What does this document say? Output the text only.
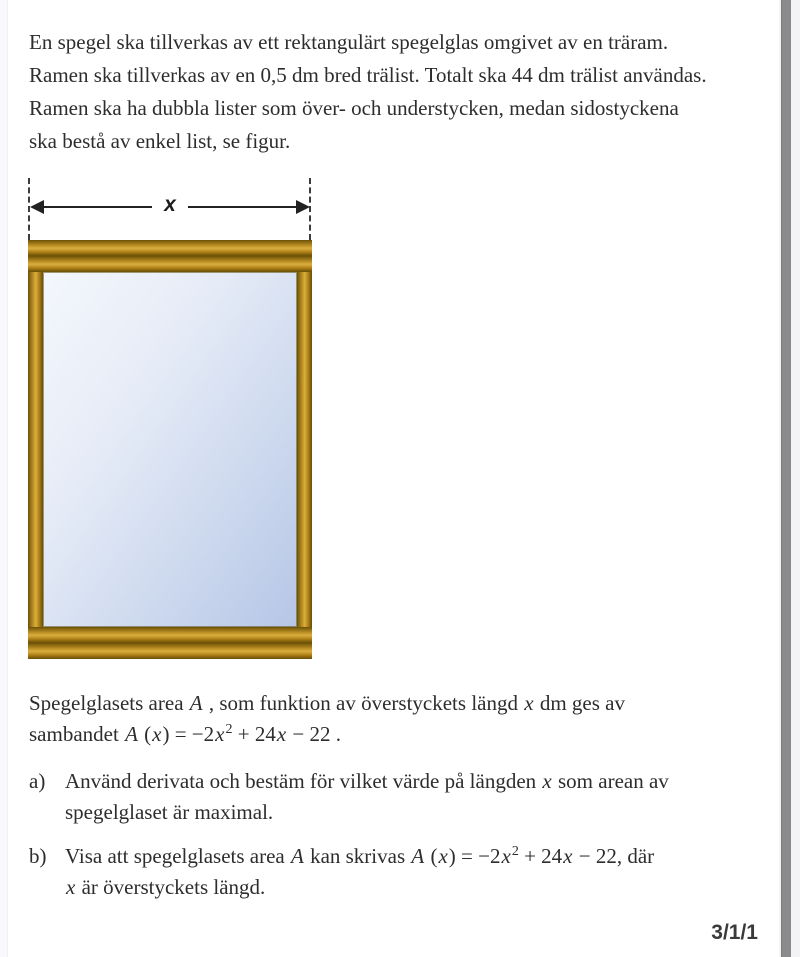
En spegel ska tillverkas av ett rektangulärt spegelglas omgivet av en träram.
Ramen ska tillverkas av en 0,5 dm bred trälist. Totalt ska 44 dm trälist användas.
Ramen ska ha dubbla lister som över- och understycken, medan sidostyckena
ska bestå av enkel list, se figur.
x
Spegelglasets area A , som funktion av överstyckets längd x dm ges av
sambandet A $(x) = -2x^2 + 24x - 22$ .
a) Använd derivata och bestäm för vilket värde på längden x som arean av
spegelglaset är maximal.
b) Visa att spegelglasets area A kan skrivas A $(x) = -2x^2 + 24x - 22$, där
x är överstyckets längd.
3/1/1
